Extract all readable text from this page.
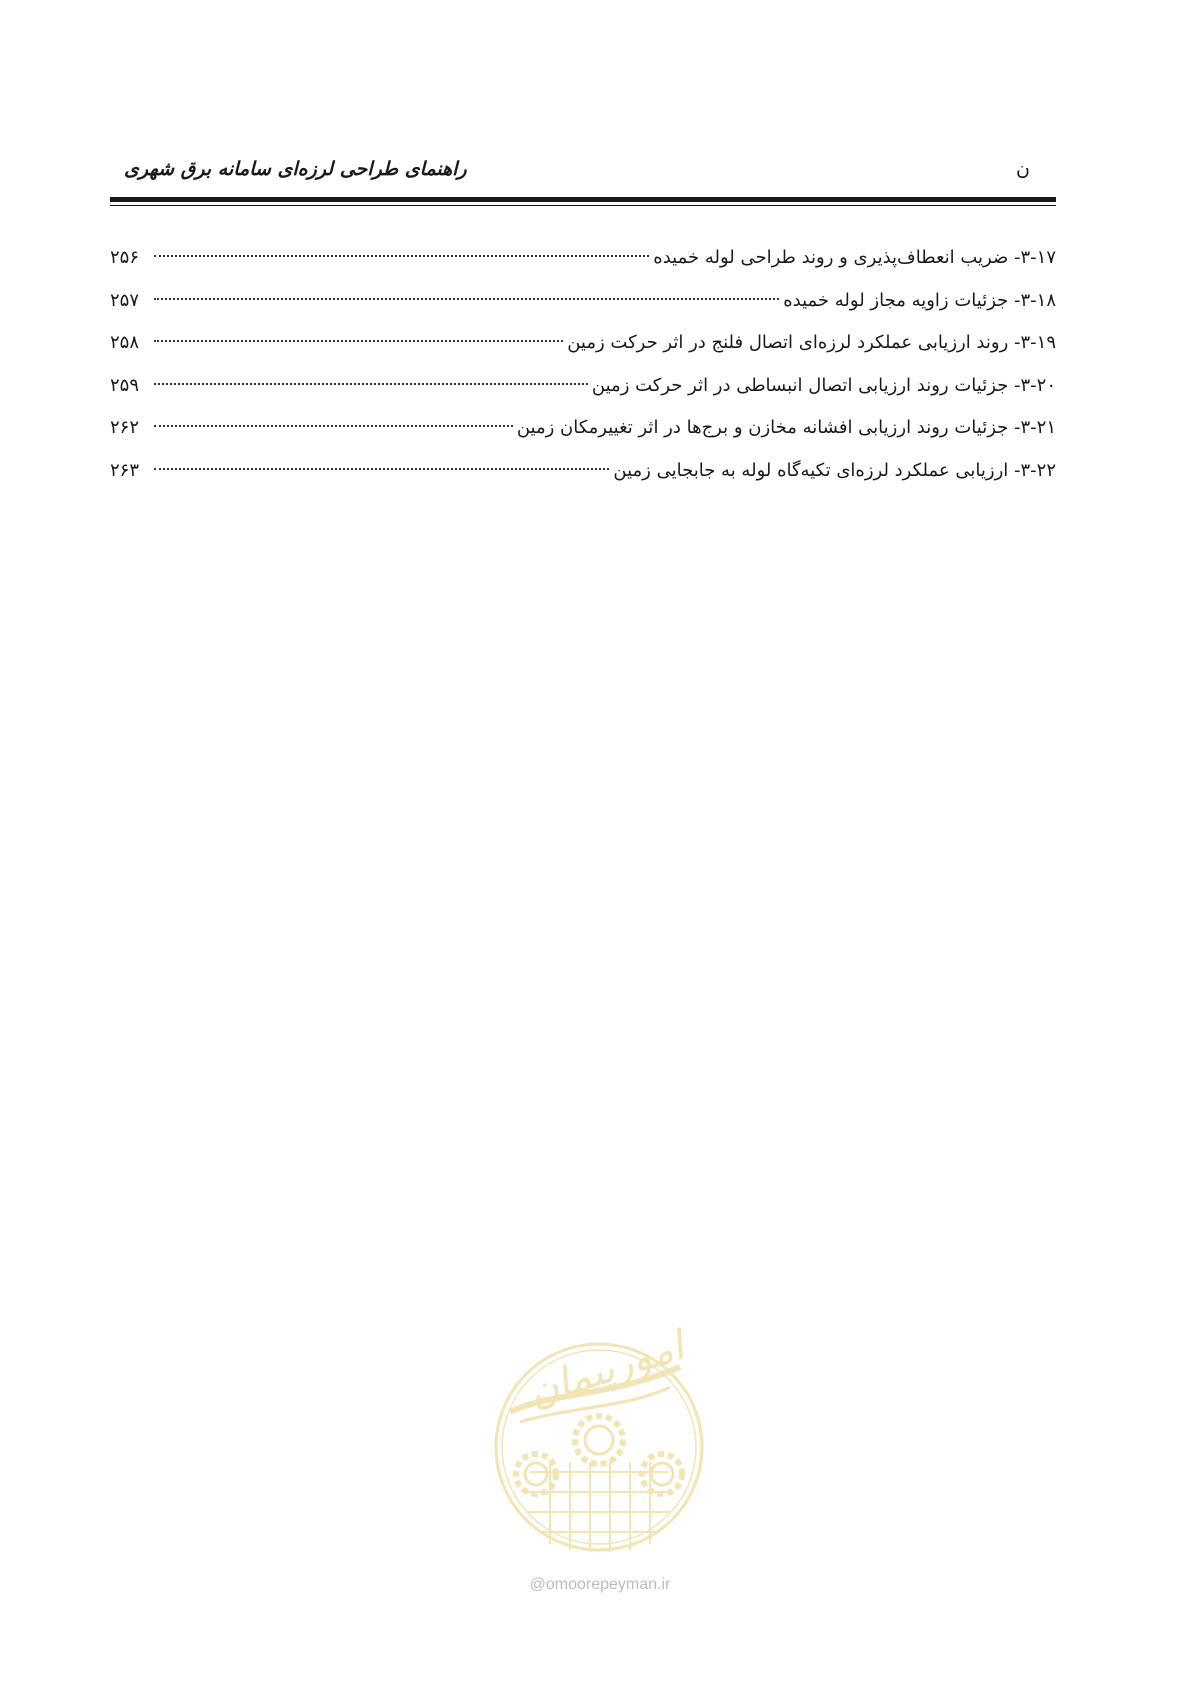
راهنمای طراحی لرزه‌ای سامانه برق شهری	ن
۳-۱۷- ضریب انعطاف‌پذیری و روند طراحی لوله خمیده
۲۵۶
۳-۱۸- جزئیات زاویه مجاز لوله خمیده
۲۵۷
۳-۱۹- روند ارزیابی عملکرد لرزه‌ای اتصال فلنج در اثر حرکت زمین
۲۵۸
۳-۲۰- جزئیات روند ارزیابی اتصال انبساطی در اثر حرکت زمین
۲۵۹
۳-۲۱- جزئیات روند ارزیابی افشانه مخازن و برج‌ها در اثر تغییرمکان زمین
۲۶۲
۳-۲۲- ارزیابی عملکرد لرزه‌ای تکیه‌گاه لوله به جابجایی زمین
۲۶۳
امورپیمان
@omoorepeyman.ir
